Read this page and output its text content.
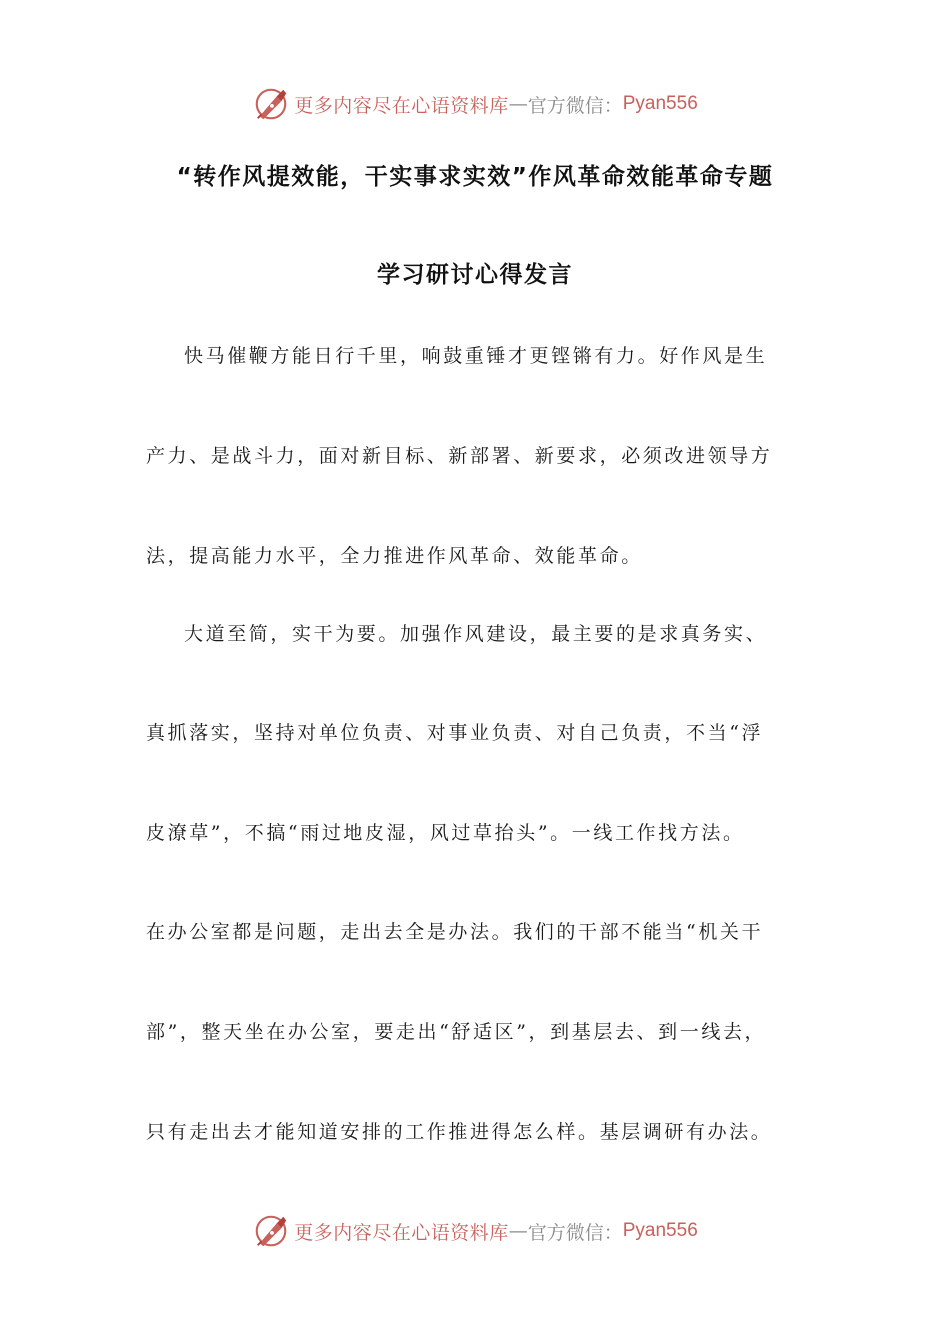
更多内容尽在心语资料库 — 官方微信： Pyan556
“转作风提效能，干实事求实效”作风革命效能革命专题
学习研讨心得发言
快马催鞭方能日行千里，响鼓重锤才更铿锵有力。好作风是生
产力、是战斗力，面对新目标、新部署、新要求，必须改进领导方
法，提高能力水平，全力推进作风革命、效能革命。
大道至简，实干为要。加强作风建设，最主要的是求真务实、
真抓落实，坚持对单位负责、对事业负责、对自己负责，不当“浮
皮潦草”，不搞“雨过地皮湿，风过草抬头”。一线工作找方法。
在办公室都是问题，走出去全是办法。我们的干部不能当“机关干
部”，整天坐在办公室，要走出“舒适区”，到基层去、到一线去，
只有走出去才能知道安排的工作推进得怎么样。基层调研有办法。
更多内容尽在心语资料库 — 官方微信： Pyan556
